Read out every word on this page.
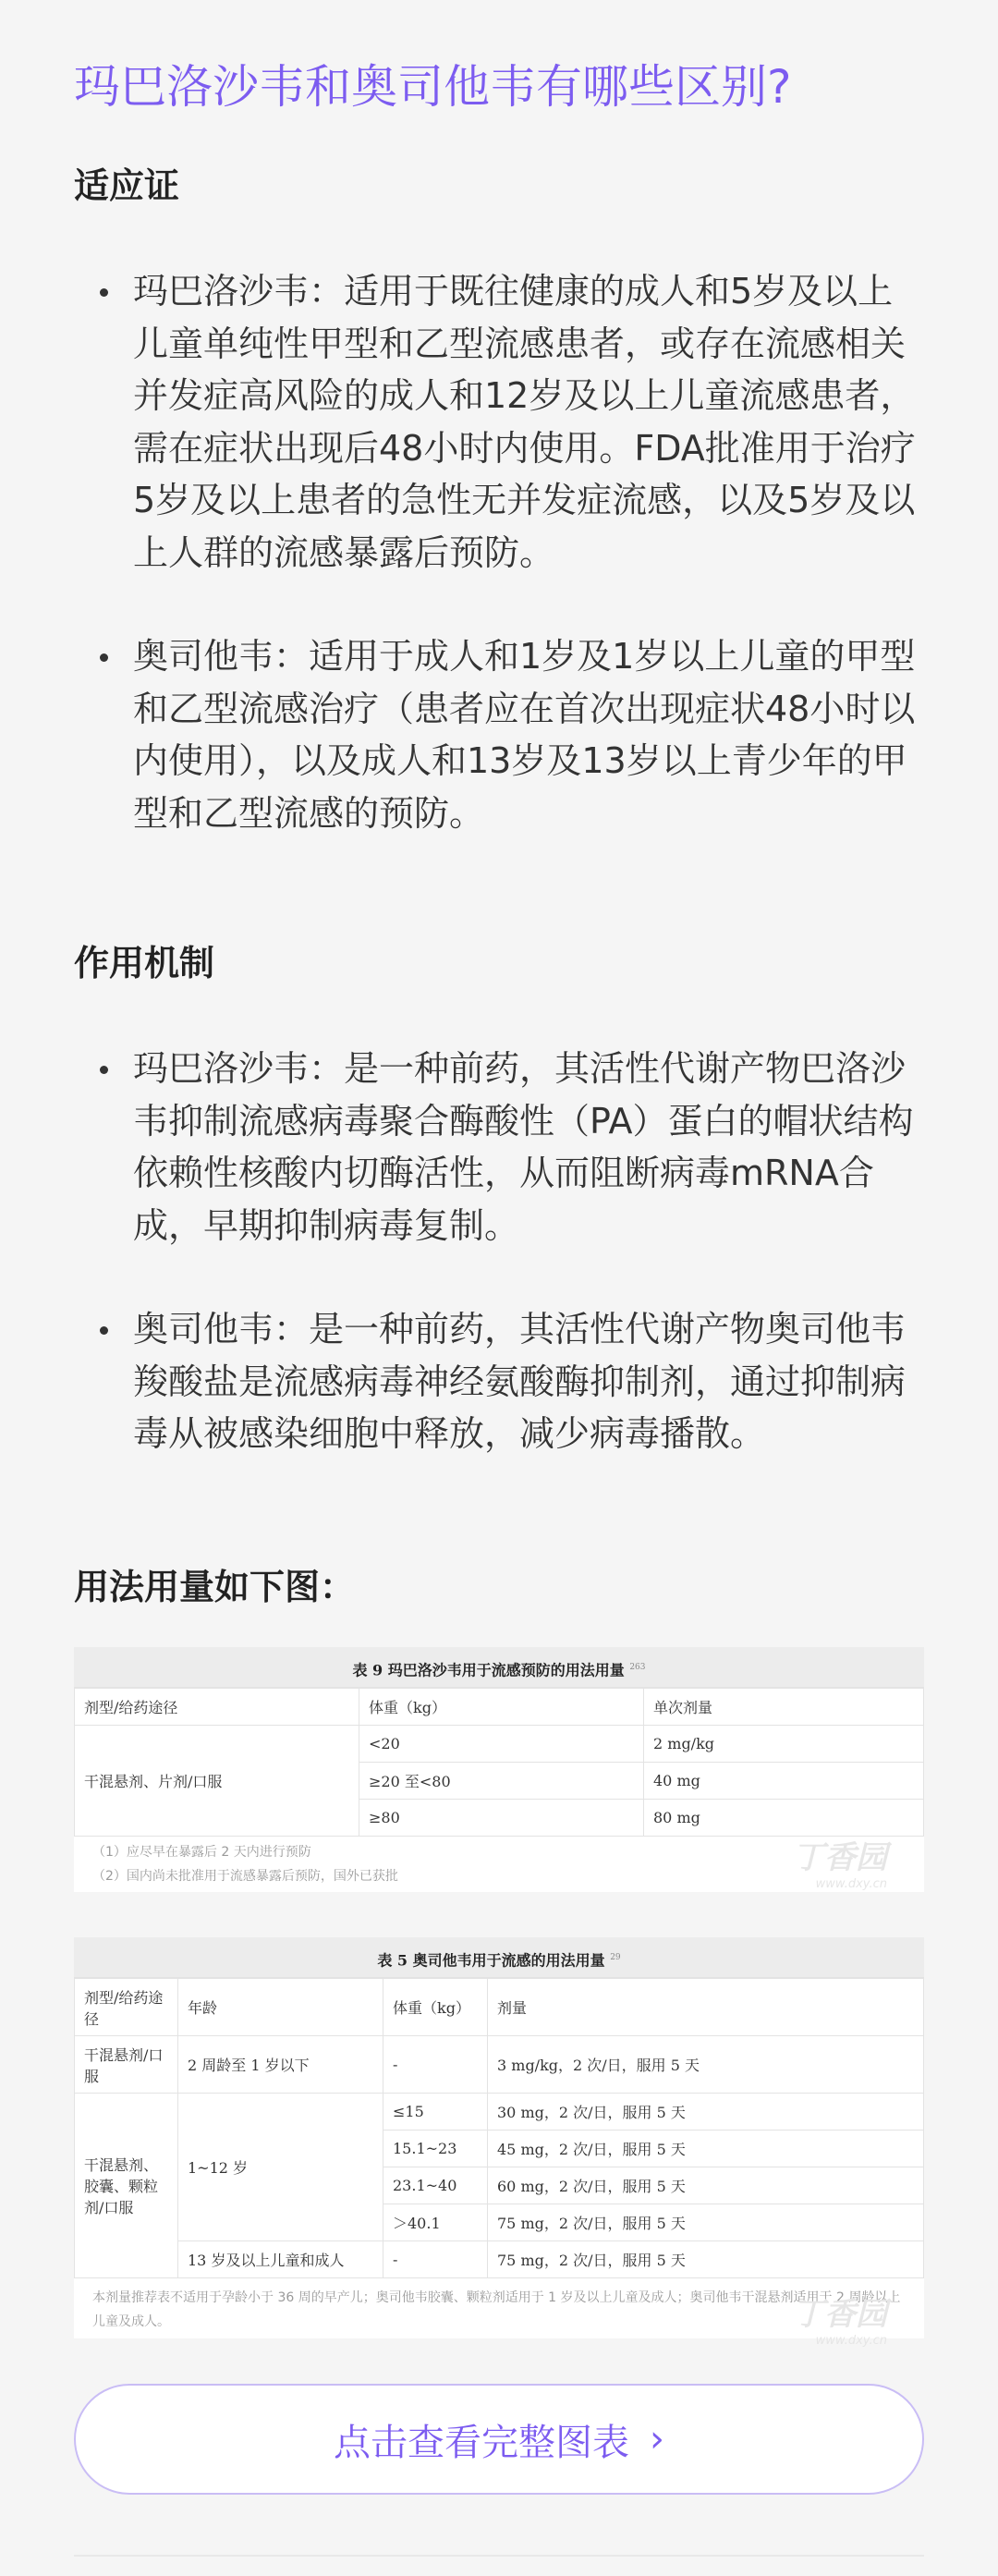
玛巴洛沙韦和奥司他韦有哪些区别?
适应证
玛巴洛沙韦：适用于既往健康的成人和5岁及以上儿童单纯性甲型和乙型流感患者，或存在流感相关并发症高风险的成人和12岁及以上儿童流感患者，需在症状出现后48小时内使用。FDA批准用于治疗5岁及以上患者的急性无并发症流感，以及5岁及以上人群的流感暴露后预防。
奥司他韦：适用于成人和1岁及1岁以上儿童的甲型和乙型流感治疗（患者应在首次出现症状48小时以内使用），以及成人和13岁及13岁以上青少年的甲型和乙型流感的预防。
作用机制
玛巴洛沙韦：是一种前药，其活性代谢产物巴洛沙韦抑制流感病毒聚合酶酸性（PA）蛋白的帽状结构依赖性核酸内切酶活性，从而阻断病毒mRNA合成，早期抑制病毒复制。
奥司他韦：是一种前药，其活性代谢产物奥司他韦羧酸盐是流感病毒神经氨酸酶抑制剂，通过抑制病毒从被感染细胞中释放，减少病毒播散。
用法用量如下图：
表 9 玛巴洛沙韦用于流感预防的用法用量 $^{263}$
剂型/给药途径	体重（kg）	单次剂量
干混悬剂、片剂/口服	<20	2 mg/kg
	≥20 至<80	40 mg
	≥80	80 mg
（1）应尽早在暴露后 2 天内进行预防
（2）国内尚未批准用于流感暴露后预防，国外已获批	丁香园
www.dxy.cn
表 5 奥司他韦用于流感的用法用量 $^{29}$
剂型/给药途径	年龄	体重（kg）	剂量
干混悬剂/口服	2 周龄至 1 岁以下	-	3 mg/kg，2 次/日，服用 5 天
干混悬剂、胶囊、颗粒剂/口服	1~12 岁	≤15	30 mg，2 次/日，服用 5 天
		15.1~23	45 mg，2 次/日，服用 5 天
		23.1~40	60 mg，2 次/日，服用 5 天
		＞40.1	75 mg，2 次/日，服用 5 天
	13 岁及以上儿童和成人	-	75 mg，2 次/日，服用 5 天
本剂量推荐表不适用于孕龄小于 36 周的早产儿；奥司他韦胶囊、颗粒剂适用于 1 岁及以上儿童及成人；奥司他韦干混悬剂适用于 2 周龄以上儿童及成人。	丁香园
www.dxy.cn
点击查看完整图表 ›
